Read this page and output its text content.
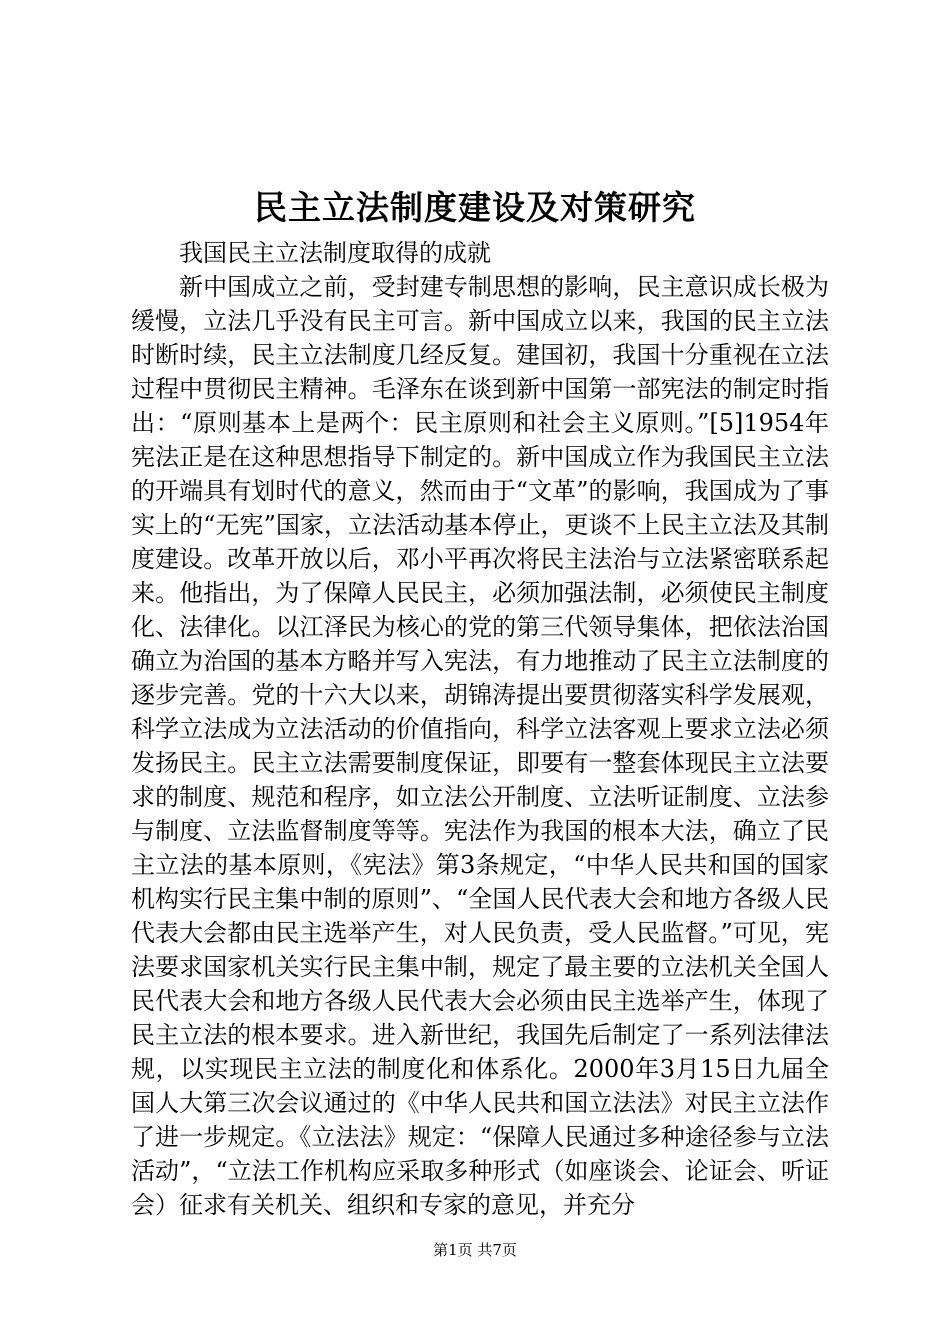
民主立法制度建设及对策研究

我国民主立法制度取得的成就

新中国成立之前，受封建专制思想的影响，民主意识成长极为缓慢，立法几乎没有民主可言。新中国成立以来，我国的民主立法时断时续，民主立法制度几经反复。建国初，我国十分重视在立法过程中贯彻民主精神。毛泽东在谈到新中国第一部宪法的制定时指出：“原则基本上是两个：民主原则和社会主义原则。”[5]1954年宪法正是在这种思想指导下制定的。新中国成立作为我国民主立法的开端具有划时代的意义，然而由于“文革”的影响，我国成为了事实上的“无宪”国家，立法活动基本停止，更谈不上民主立法及其制度建设。改革开放以后，邓小平再次将民主法治与立法紧密联系起来。他指出，为了保障人民民主，必须加强法制，必须使民主制度化、法律化。以江泽民为核心的党的第三代领导集体，把依法治国确立为治国的基本方略并写入宪法，有力地推动了民主立法制度的逐步完善。党的十六大以来，胡锦涛提出要贯彻落实科学发展观，科学立法成为立法活动的价值指向，科学立法客观上要求立法必须发扬民主。民主立法需要制度保证，即要有一整套体现民主立法要求的制度、规范和程序，如立法公开制度、立法听证制度、立法参与制度、立法监督制度等等。宪法作为我国的根本大法，确立了民主立法的基本原则，《宪法》第3条规定，“中华人民共和国的国家机构实行民主集中制的原则”、“全国人民代表大会和地方各级人民代表大会都由民主选举产生，对人民负责，受人民监督。”可见，宪法要求国家机关实行民主集中制，规定了最主要的立法机关全国人民代表大会和地方各级人民代表大会必须由民主选举产生，体现了民主立法的根本要求。进入新世纪，我国先后制定了一系列法律法规，以实现民主立法的制度化和体系化。2000年3月15日九届全国人大第三次会议通过的《中华人民共和国立法法》对民主立法作了进一步规定。《立法法》规定：“保障人民通过多种途径参与立法活动”，“立法工作机构应采取多种形式（如座谈会、论证会、听证会）征求有关机关、组织和专家的意见，并充分

第1页 共7页
